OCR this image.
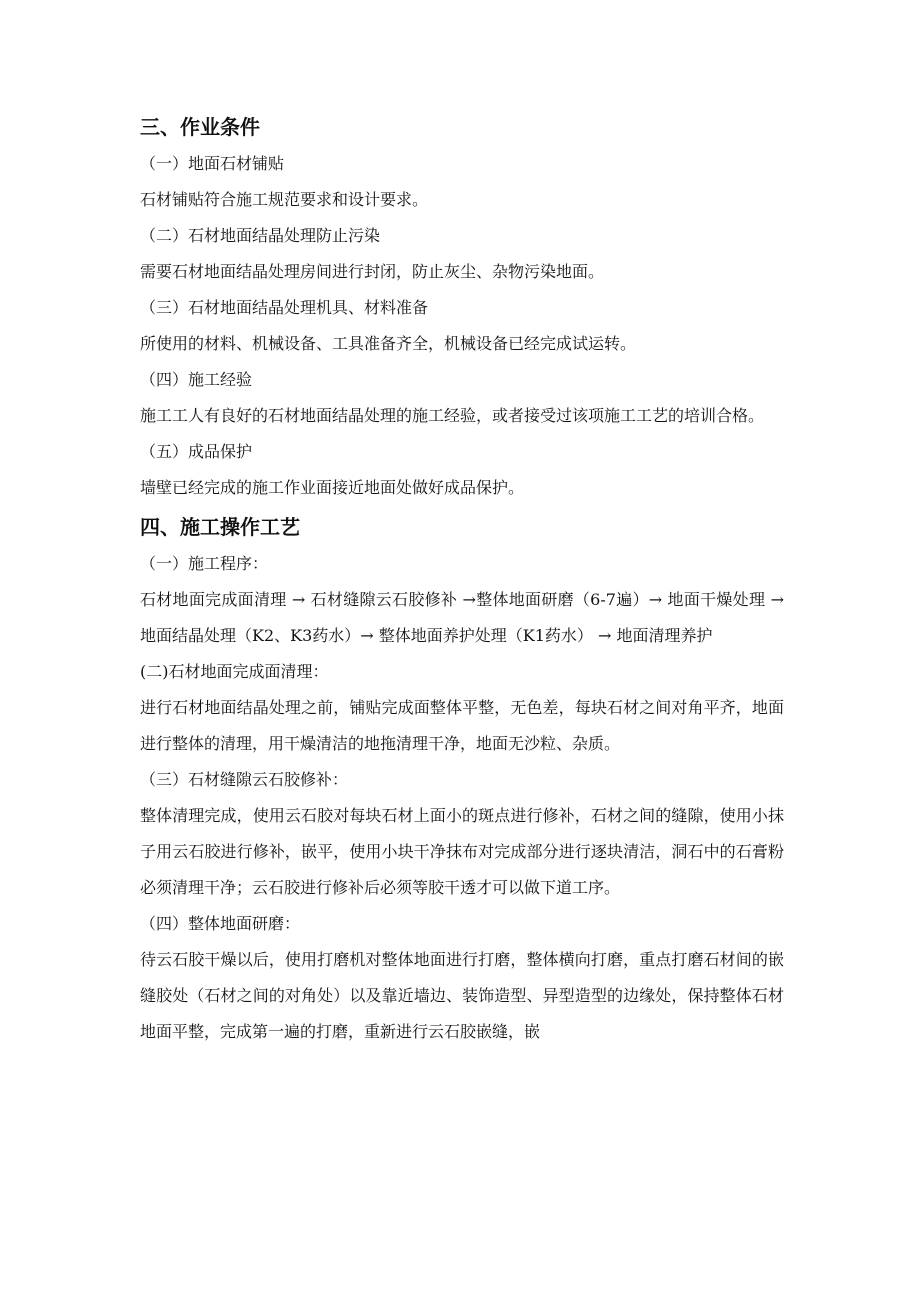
三、作业条件

（一）地面石材铺贴

石材铺贴符合施工规范要求和设计要求。

（二）石材地面结晶处理防止污染

需要石材地面结晶处理房间进行封闭，防止灰尘、杂物污染地面。

（三）石材地面结晶处理机具、材料准备

所使用的材料、机械设备、工具准备齐全，机械设备已经完成试运转。

（四）施工经验

施工工人有良好的石材地面结晶处理的施工经验，或者接受过该项施工工艺的培训合格。

（五）成品保护

墙壁已经完成的施工作业面接近地面处做好成品保护。

四、施工操作工艺

（一）施工程序：

石材地面完成面清理 → 石材缝隙云石胶修补 →整体地面研磨（6-7遍）→ 地面干燥处理 → 地面结晶处理（K2、K3药水）→ 整体地面养护处理（K1药水） → 地面清理养护

(二)石材地面完成面清理：

进行石材地面结晶处理之前，铺贴完成面整体平整，无色差，每块石材之间对角平齐，地面进行整体的清理，用干燥清洁的地拖清理干净，地面无沙粒、杂质。

（三）石材缝隙云石胶修补：

整体清理完成，使用云石胶对每块石材上面小的斑点进行修补，石材之间的缝隙，使用小抹子用云石胶进行修补，嵌平，使用小块干净抹布对完成部分进行逐块清洁，洞石中的石膏粉必须清理干净；云石胶进行修补后必须等胶干透才可以做下道工序。

（四）整体地面研磨：

待云石胶干燥以后，使用打磨机对整体地面进行打磨，整体横向打磨，重点打磨石材间的嵌缝胶处（石材之间的对角处）以及靠近墙边、装饰造型、异型造型的边缘处，保持整体石材地面平整，完成第一遍的打磨，重新进行云石胶嵌缝，嵌
